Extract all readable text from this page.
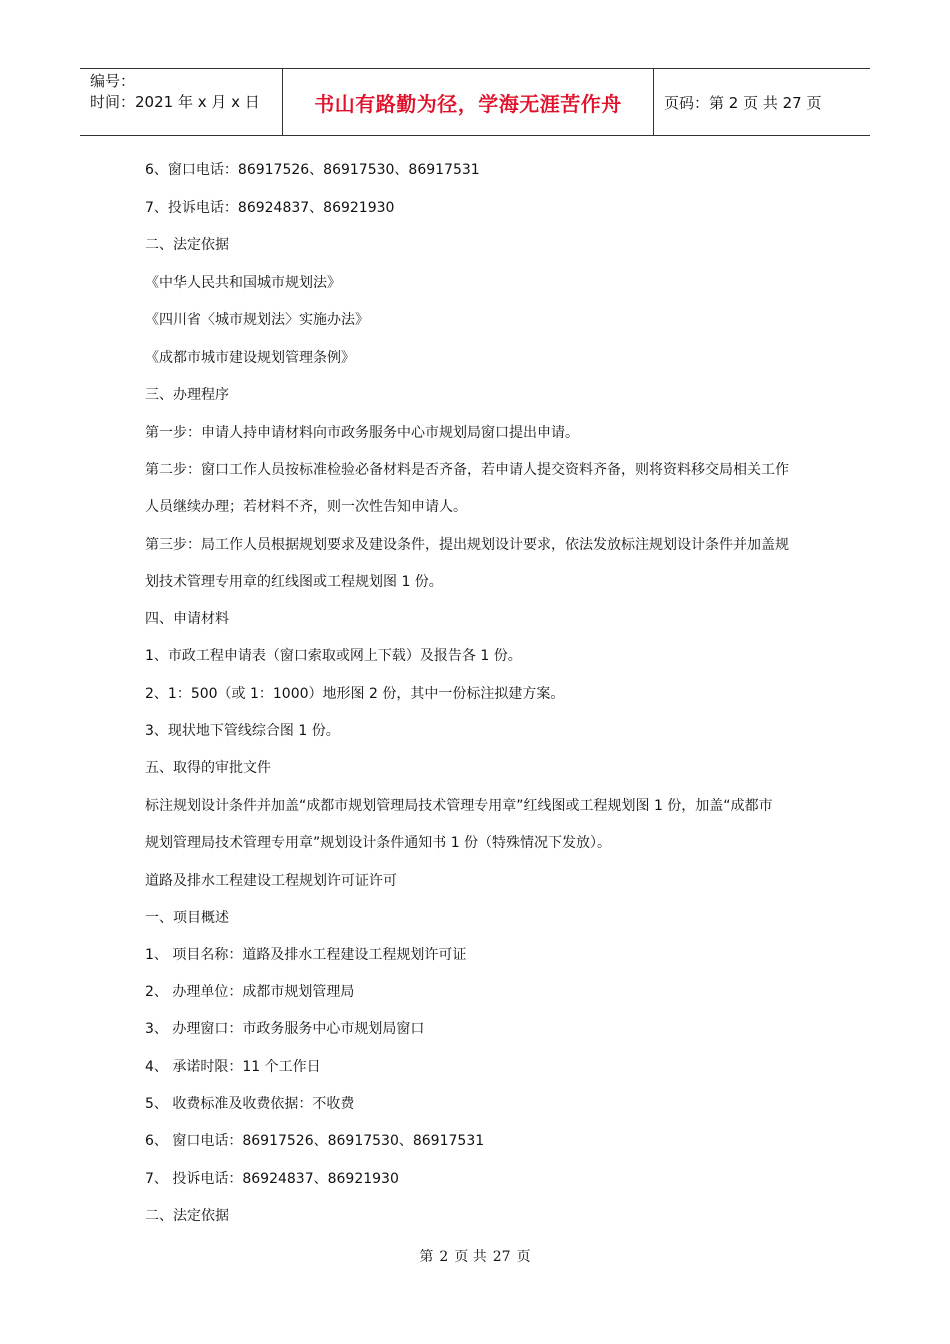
编号：
时间：2021 年 x 月 x 日	书山有路勤为径，学海无涯苦作舟	页码：第 2 页 共 27 页
6、窗口电话：86917526、86917530、86917531
7、投诉电话：86924837、86921930
二、法定依据
《中华人民共和国城市规划法》
《四川省〈城市规划法〉实施办法》
《成都市城市建设规划管理条例》
三、办理程序
第一步：申请人持申请材料向市政务服务中心市规划局窗口提出申请。
第二步：窗口工作人员按标准检验必备材料是否齐备，若申请人提交资料齐备，则将资料移交局相关工作
人员继续办理；若材料不齐，则一次性告知申请人。
第三步：局工作人员根据规划要求及建设条件，提出规划设计要求，依法发放标注规划设计条件并加盖规
划技术管理专用章的红线图或工程规划图 1 份。
四、申请材料
1、市政工程申请表（窗口索取或网上下载）及报告各 1 份。
2、1：500（或 1：1000）地形图 2 份，其中一份标注拟建方案。
3、现状地下管线综合图 1 份。
五、取得的审批文件
标注规划设计条件并加盖“成都市规划管理局技术管理专用章”红线图或工程规划图 1 份，加盖“成都市
规划管理局技术管理专用章”规划设计条件通知书 1 份（特殊情况下发放）。
道路及排水工程建设工程规划许可证许可
一、项目概述
1、 项目名称：道路及排水工程建设工程规划许可证
2、 办理单位：成都市规划管理局
3、 办理窗口：市政务服务中心市规划局窗口
4、 承诺时限：11 个工作日
5、 收费标准及收费依据：不收费
6、 窗口电话：86917526、86917530、86917531
7、 投诉电话：86924837、86921930
二、法定依据
第 2 页 共 27 页
